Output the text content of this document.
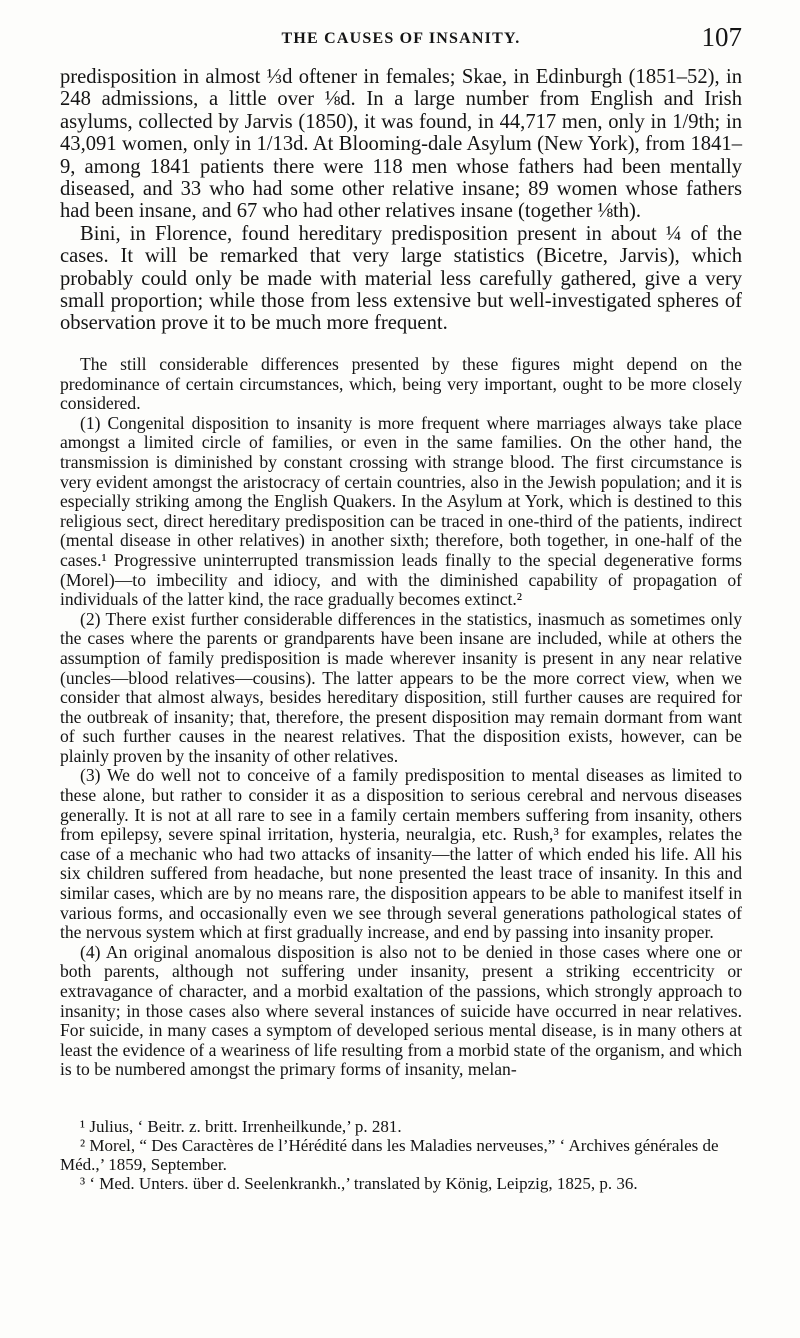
THE CAUSES OF INSANITY.	107

predisposition in almost ⅓d oftener in females; Skae, in Edinburgh (1851–52), in 248 admissions, a little over ⅛d. In a large number from English and Irish asylums, collected by Jarvis (1850), it was found, in 44,717 men, only in 1/9th; in 43,091 women, only in 1/13d. At Blooming-dale Asylum (New York), from 1841–9, among 1841 patients there were 118 men whose fathers had been mentally diseased, and 33 who had some other relative insane; 89 women whose fathers had been insane, and 67 who had other relatives insane (together ⅛th).

Bini, in Florence, found hereditary predisposition present in about ¼ of the cases. It will be remarked that very large statistics (Bicetre, Jarvis), which probably could only be made with material less carefully gathered, give a very small proportion; while those from less extensive but well-investigated spheres of observation prove it to be much more frequent.

The still considerable differences presented by these figures might depend on the predominance of certain circumstances, which, being very important, ought to be more closely considered.

(1) Congenital disposition to insanity is more frequent where marriages always take place amongst a limited circle of families, or even in the same families. On the other hand, the transmission is diminished by constant crossing with strange blood. The first circumstance is very evident amongst the aristocracy of certain countries, also in the Jewish population; and it is especially striking among the English Quakers. In the Asylum at York, which is destined to this religious sect, direct hereditary predisposition can be traced in one-third of the patients, indirect (mental disease in other relatives) in another sixth; therefore, both together, in one-half of the cases.¹ Progressive uninterrupted transmission leads finally to the special degenerative forms (Morel)—to imbecility and idiocy, and with the diminished capability of propagation of individuals of the latter kind, the race gradually becomes extinct.²

(2) There exist further considerable differences in the statistics, inasmuch as sometimes only the cases where the parents or grandparents have been insane are included, while at others the assumption of family predisposition is made wherever insanity is present in any near relative (uncles—blood relatives—cousins). The latter appears to be the more correct view, when we consider that almost always, besides hereditary disposition, still further causes are required for the outbreak of insanity; that, therefore, the present disposition may remain dormant from want of such further causes in the nearest relatives. That the disposition exists, however, can be plainly proven by the insanity of other relatives.

(3) We do well not to conceive of a family predisposition to mental diseases as limited to these alone, but rather to consider it as a disposition to serious cerebral and nervous diseases generally. It is not at all rare to see in a family certain members suffering from insanity, others from epilepsy, severe spinal irritation, hysteria, neuralgia, etc. Rush,³ for examples, relates the case of a mechanic who had two attacks of insanity—the latter of which ended his life. All his six children suffered from headache, but none presented the least trace of insanity. In this and similar cases, which are by no means rare, the disposition appears to be able to manifest itself in various forms, and occasionally even we see through several generations pathological states of the nervous system which at first gradually increase, and end by passing into insanity proper.

(4) An original anomalous disposition is also not to be denied in those cases where one or both parents, although not suffering under insanity, present a striking eccentricity or extravagance of character, and a morbid exaltation of the passions, which strongly approach to insanity; in those cases also where several instances of suicide have occurred in near relatives. For suicide, in many cases a symptom of developed serious mental disease, is in many others at least the evidence of a weariness of life resulting from a morbid state of the organism, and which is to be numbered amongst the primary forms of insanity, melan-

¹ Julius, ‘ Beitr. z. britt. Irrenheilkunde,’ p. 281.

² Morel, “ Des Caractères de l’Hérédité dans les Maladies nerveuses,” ‘ Archives générales de Méd.,’ 1859, September.

³ ‘ Med. Unters. über d. Seelenkrankh.,’ translated by König, Leipzig, 1825, p. 36.
